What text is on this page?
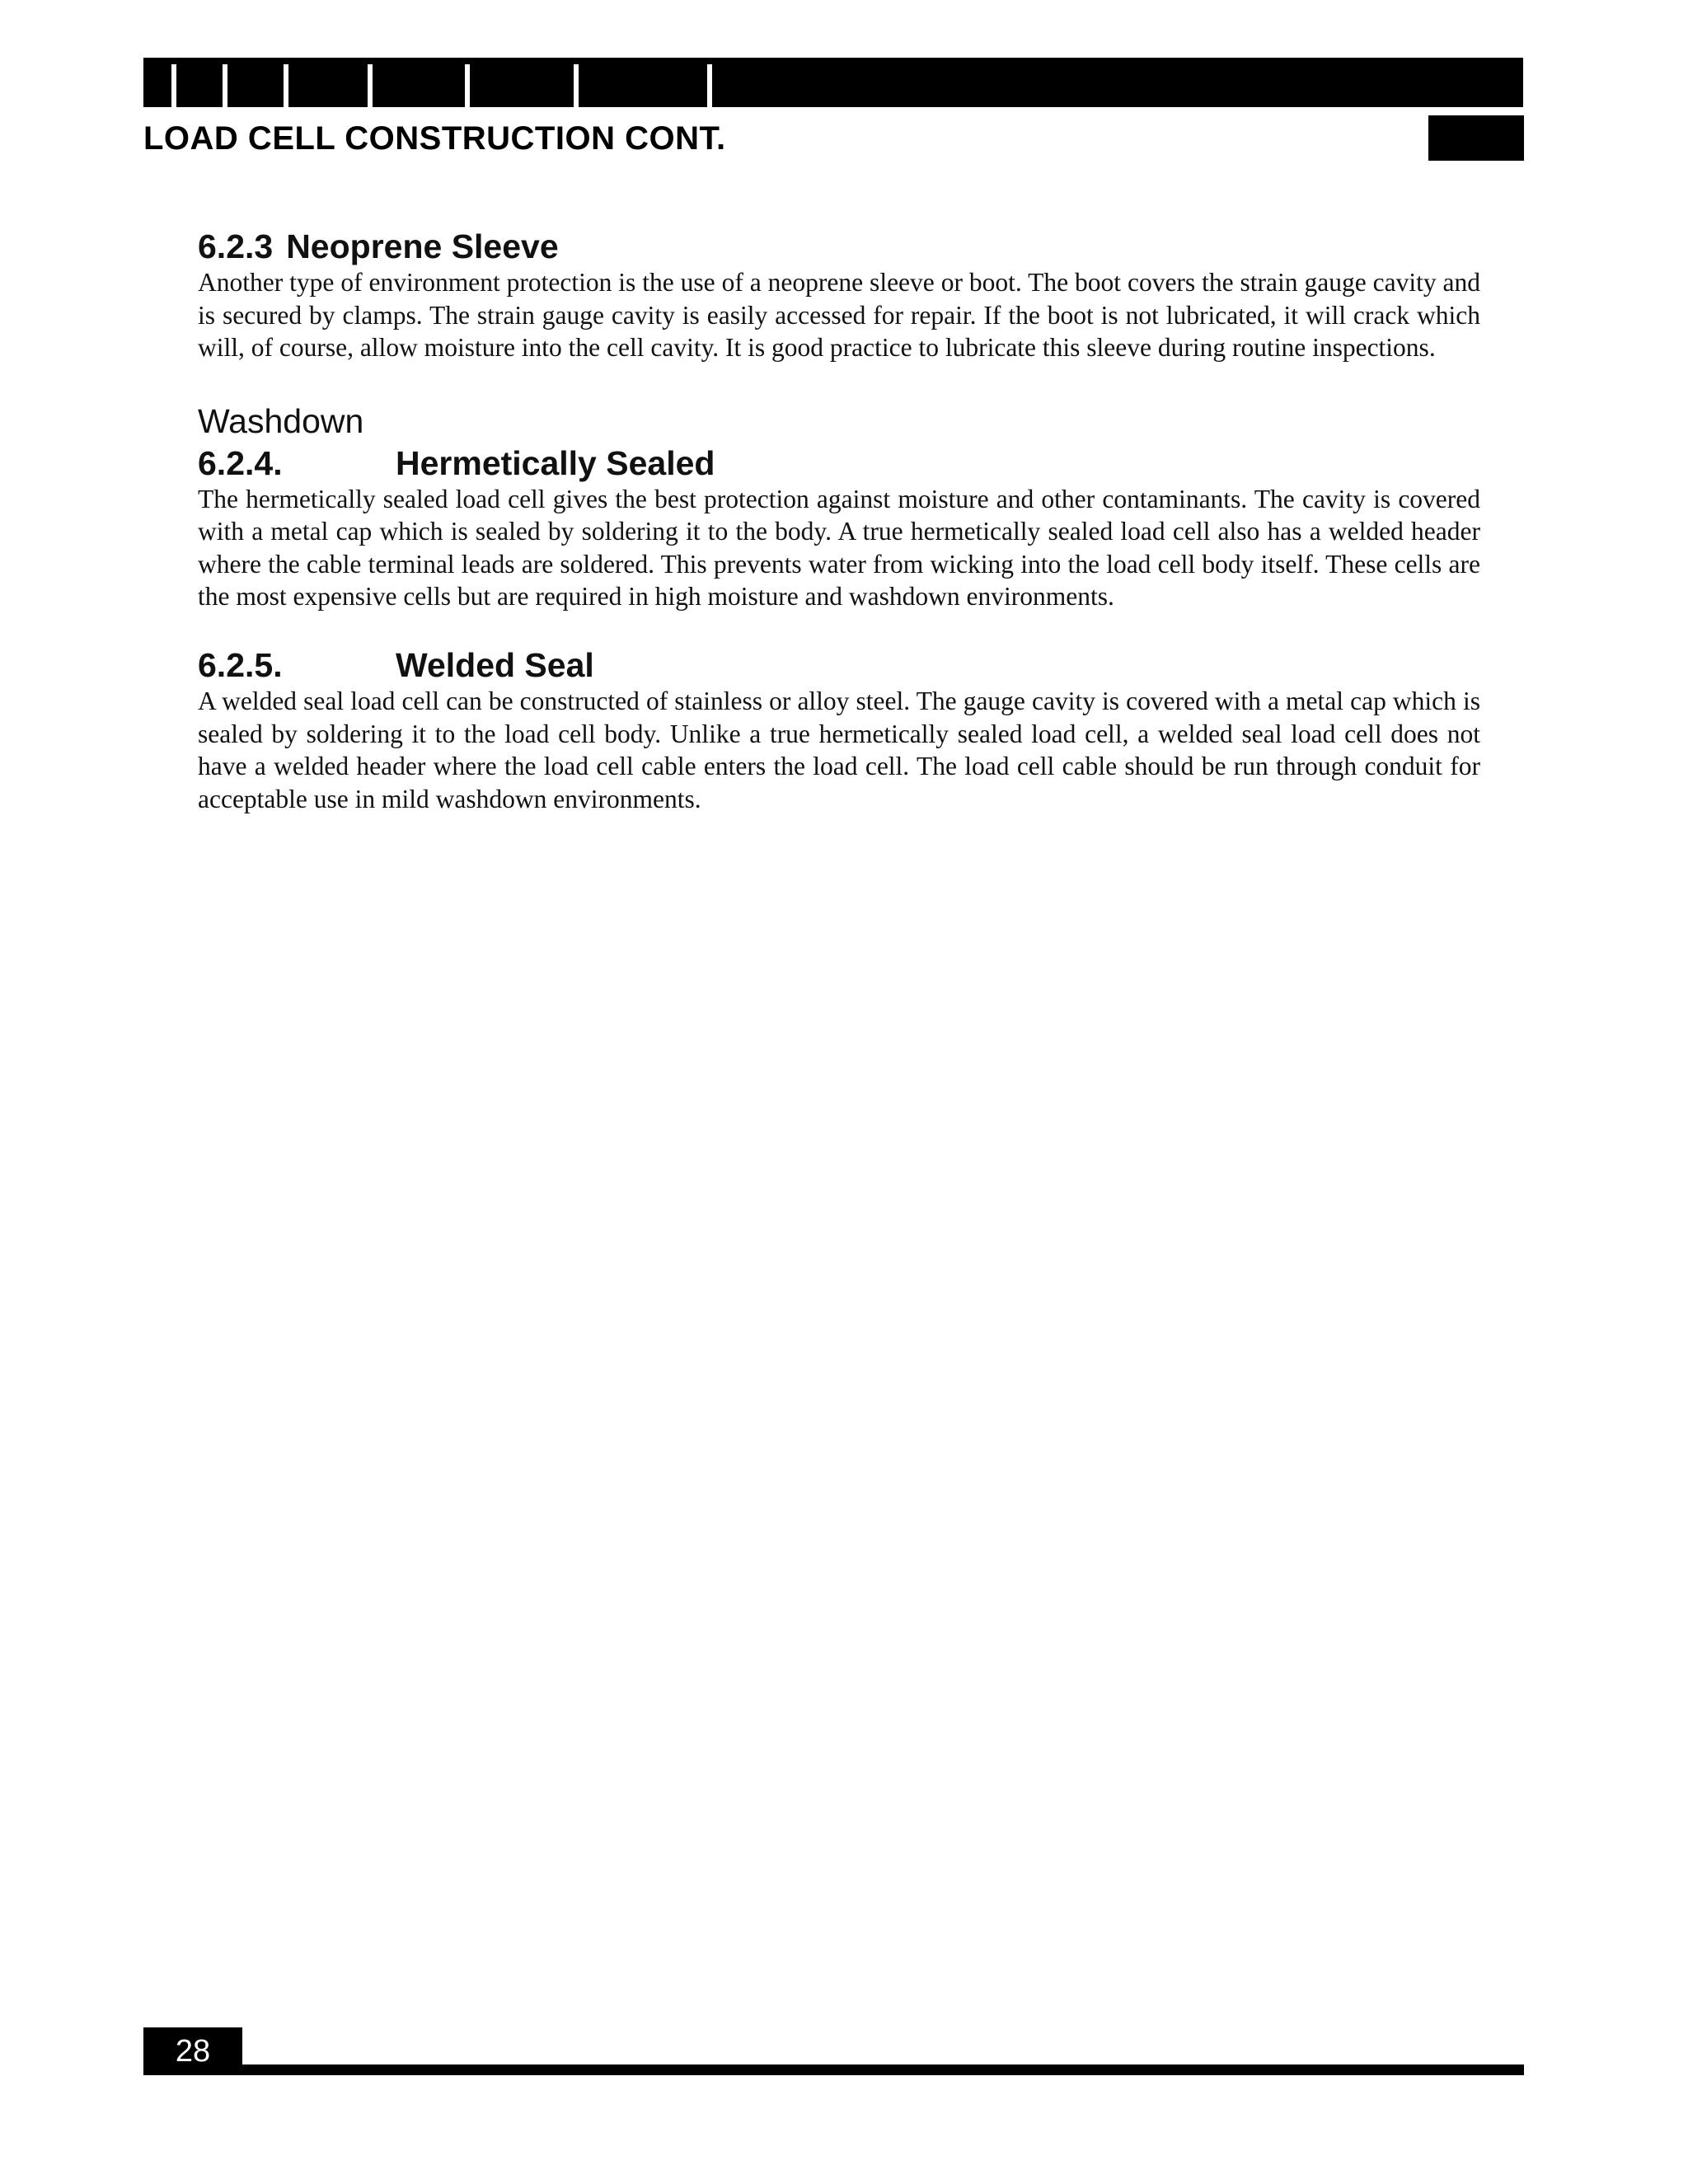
LOAD CELL CONSTRUCTION CONT.
6.2.3 Neoprene Sleeve

Another type of environment protection is the use of a neoprene sleeve or boot. The boot covers the strain gauge cavity and is secured by clamps. The strain gauge cavity is easily accessed for repair. If the boot is not lubricated, it will crack which will, of course, allow moisture into the cell cavity. It is good practice to lubricate this sleeve during routine inspections.

Washdown
6.2.4.	Hermetically Sealed

The hermetically sealed load cell gives the best protection against moisture and other contaminants. The cavity is covered with a metal cap which is sealed by soldering it to the body. A true hermetically sealed load cell also has a welded header where the cable terminal leads are soldered. This prevents water from wicking into the load cell body itself. These cells are the most expensive cells but are required in high moisture and washdown environments.

6.2.5.	Welded Seal

A welded seal load cell can be constructed of stainless or alloy steel. The gauge cavity is covered with a metal cap which is sealed by soldering it to the load cell body. Unlike a true hermetically sealed load cell, a welded seal load cell does not have a welded header where the load cell cable enters the load cell. The load cell cable should be run through conduit for acceptable use in mild washdown environments.

28
